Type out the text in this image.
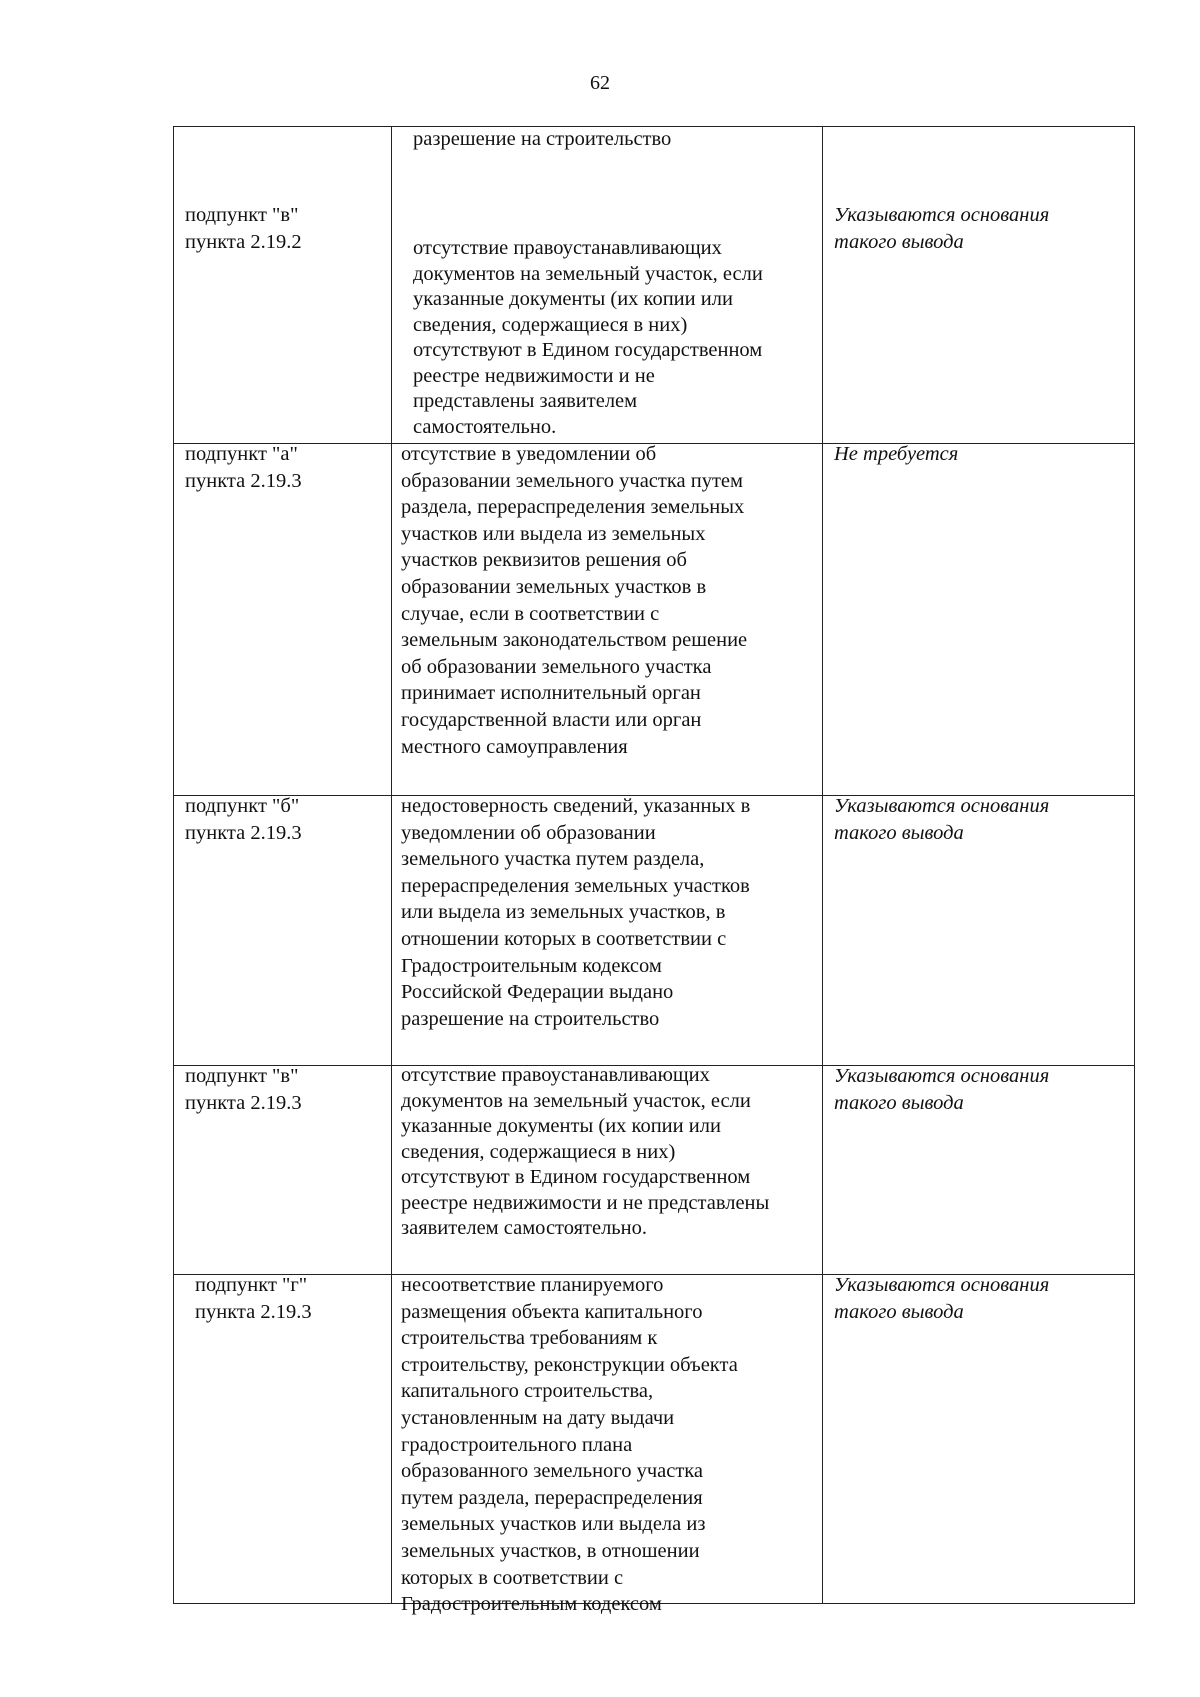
62
разрешение на строительство
подпункт "в"
пункта 2.19.2	отсутствие правоустанавливающих
документов на земельный участок, если
указанные документы (их копии или
сведения, содержащиеся в них)
отсутствуют в Едином государственном
реестре недвижимости и не
представлены заявителем
самостоятельно.
Указываются основания
такого вывода
подпункт "а"
пункта 2.19.3
отсутствие в уведомлении об
образовании земельного участка путем
раздела, перераспределения земельных
участков или выдела из земельных
участков реквизитов решения об
образовании земельных участков в
случае, если в соответствии с
земельным законодательством решение
об образовании земельного участка
принимает исполнительный орган
государственной власти или орган
местного самоуправления
Не требуется
подпункт "б"
пункта 2.19.3
недостоверность сведений, указанных в
уведомлении об образовании
земельного участка путем раздела,
перераспределения земельных участков
или выдела из земельных участков, в
отношении которых в соответствии с
Градостроительным кодексом
Российской Федерации выдано
разрешение на строительство
Указываются основания
такого вывода
подпункт "в"
пункта 2.19.3
отсутствие правоустанавливающих
документов на земельный участок, если
указанные документы (их копии или
сведения, содержащиеся в них)
отсутствуют в Едином государственном
реестре недвижимости и не представлены
заявителем самостоятельно.
Указываются основания
такого вывода
подпункт "г"
пункта 2.19.3
несоответствие планируемого
размещения объекта капитального
строительства требованиям к
строительству, реконструкции объекта
капитального строительства,
установленным на дату выдачи
градостроительного плана
образованного земельного участка
путем раздела, перераспределения
земельных участков или выдела из
земельных участков, в отношении
которых в соответствии с
Градостроительным кодексом
Указываются основания
такого вывода
